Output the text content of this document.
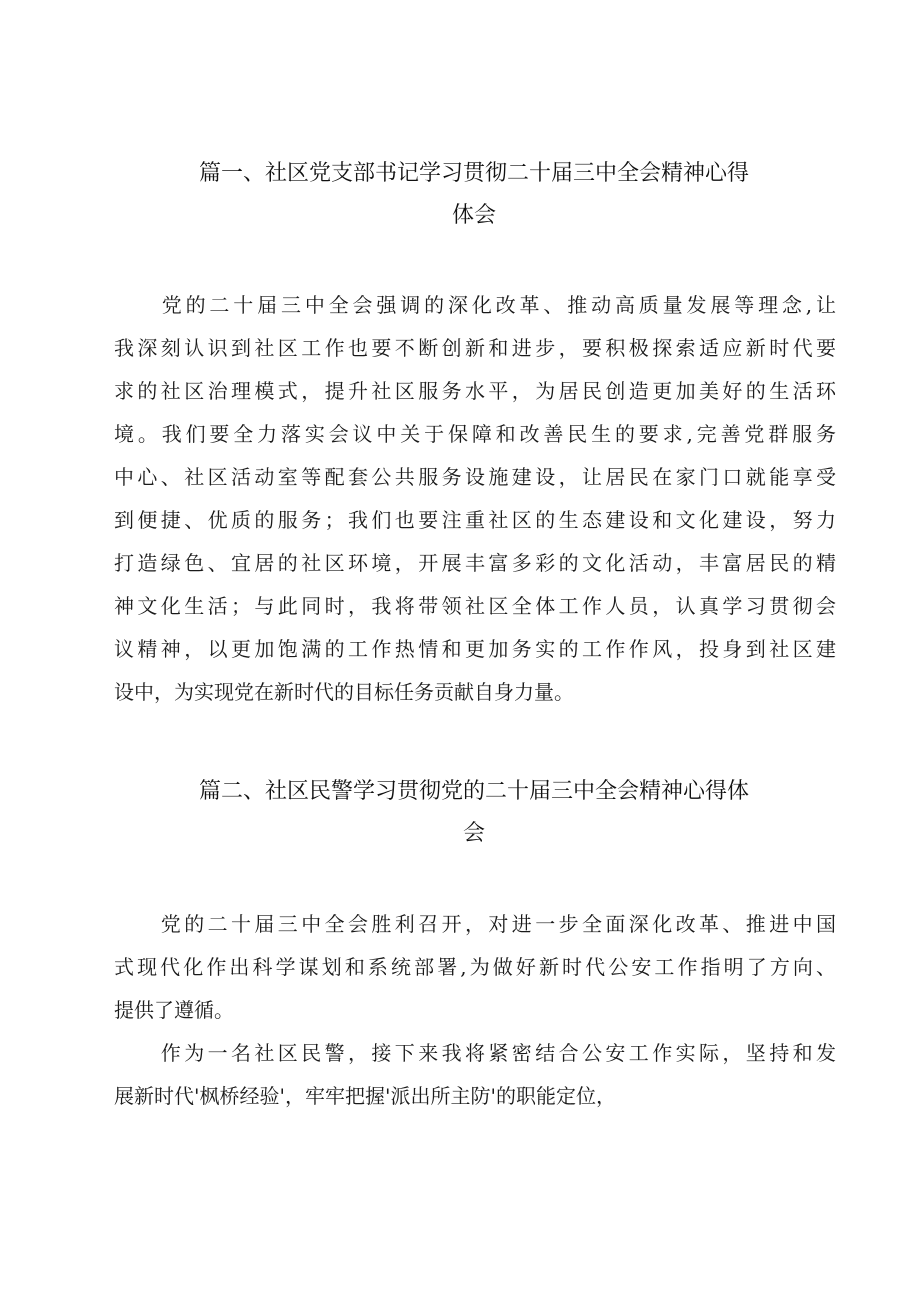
篇一、社区党支部书记学习贯彻二十届三中全会精神心得
体会
　　党的二十届三中全会强调的深化改革、推动高质量发展等理念,让
我深刻认识到社区工作也要不断创新和进步，要积极探索适应新时代要
求的社区治理模式，提升社区服务水平，为居民创造更加美好的生活环
境。我们要全力落实会议中关于保障和改善民生的要求,完善党群服务
中心、社区活动室等配套公共服务设施建设，让居民在家门口就能享受
到便捷、优质的服务；我们也要注重社区的生态建设和文化建设，努力
打造绿色、宜居的社区环境，开展丰富多彩的文化活动，丰富居民的精
神文化生活；与此同时，我将带领社区全体工作人员，认真学习贯彻会
议精神，以更加饱满的工作热情和更加务实的工作作风，投身到社区建
设中，为实现党在新时代的目标任务贡献自身力量。
篇二、社区民警学习贯彻党的二十届三中全会精神心得体
会
　　党的二十届三中全会胜利召开，对进一步全面深化改革、推进中国
式现代化作出科学谋划和系统部署,为做好新时代公安工作指明了方向、
提供了遵循。
　　作为一名社区民警，接下来我将紧密结合公安工作实际，坚持和发
展新时代'枫桥经验'，牢牢把握'派出所主防'的职能定位，
